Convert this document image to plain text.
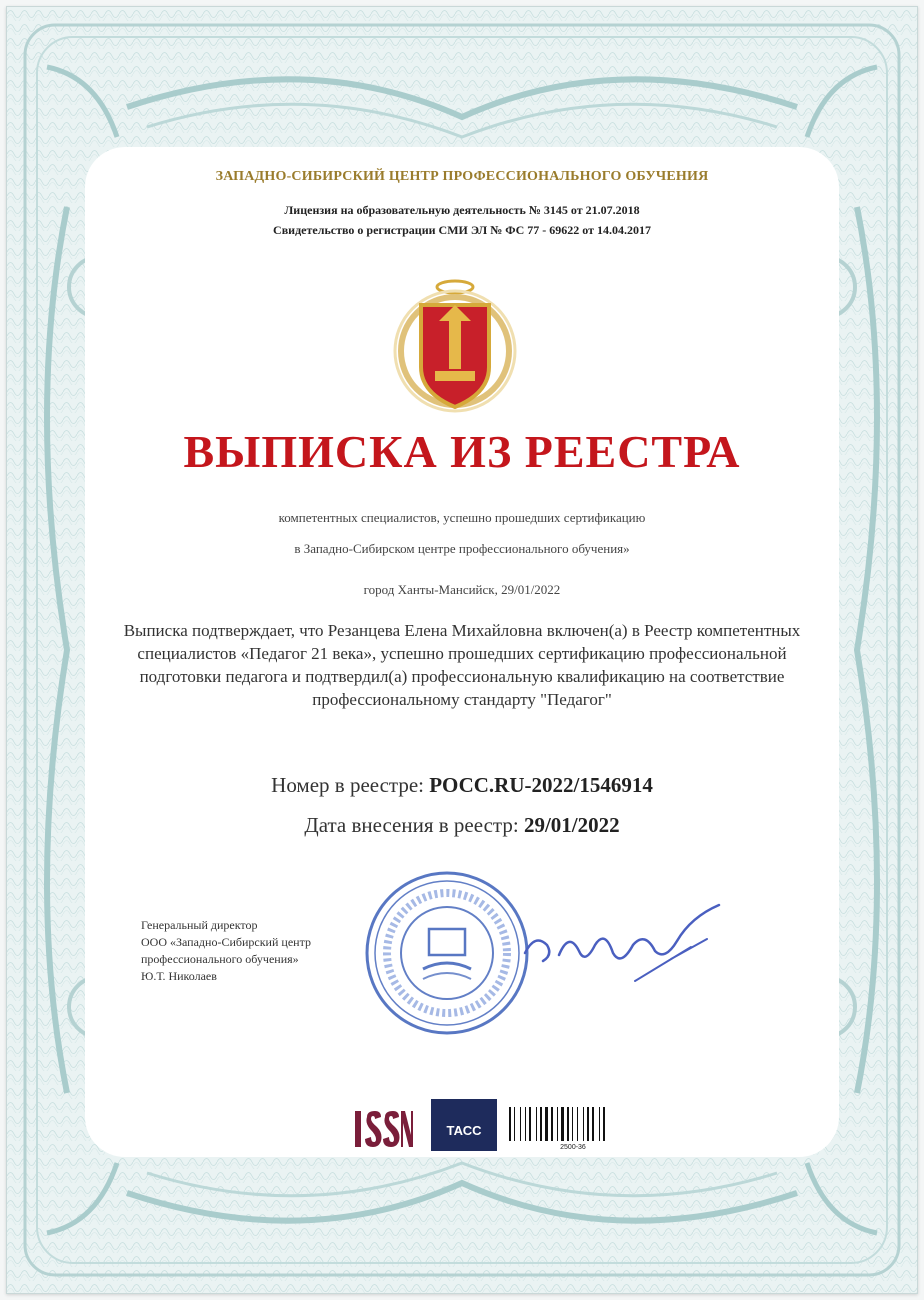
ЗАПАДНО-СИБИРСКИЙ ЦЕНТР ПРОФЕССИОНАЛЬНОГО ОБУЧЕНИЯ
Лицензия на образовательную деятельность № 3145 от 21.07.2018
Свидетельство о регистрации СМИ ЭЛ № ФС 77 - 69622 от 14.04.2017
ВЫПИСКА ИЗ РЕЕСТРА
компетентных специалистов, успешно прошедших сертификацию
в Западно-Сибирском центре профессионального обучения»
город Ханты-Мансийск, 29/01/2022
Выписка подтверждает, что Резанцева Елена Михайловна включен(а) в Реестр компетентных специалистов «Педагог 21 века», успешно прошедших сертификацию профессиональной подготовки педагога и подтвердил(а) профессиональную квалификацию на соответствие профессиональному стандарту "Педагог"
Номер в реестре: РОСС.RU-2022/1546914
Дата внесения в реестр: 29/01/2022
Генеральный директор
ООО «Западно-Сибирский центр
профессионального обучения»
Ю.Т. Николаев
ТАСС
2500-36
